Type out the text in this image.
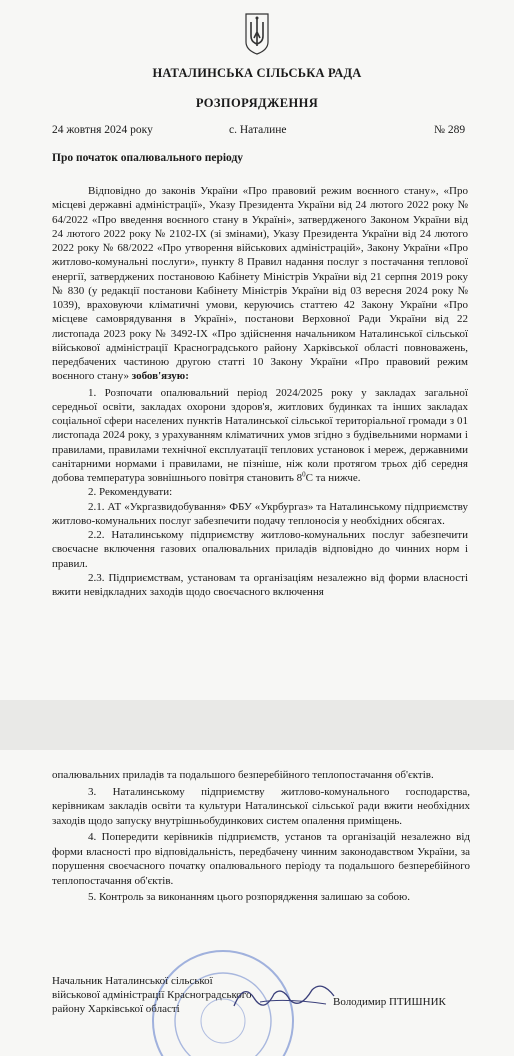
НАТАЛИНСЬКА СІЛЬСЬКА РАДА
РОЗПОРЯДЖЕННЯ
24 жовтня 2024 року	с. Наталине	№ 289
Про початок опалювального періоду

Відповідно до законів України «Про правовий режим воєнного стану», «Про місцеві державні адміністрації», Указу Президента України від 24 лютого 2022 року № 64/2022 «Про введення воєнного стану в Україні», затвердженого Законом України від 24 лютого 2022 року № 2102-IX (зі змінами), Указу Президента України від 24 лютого 2022 року № 68/2022 «Про утворення військових адміністрацій», Закону України «Про житлово-комунальні послуги», пункту 8 Правил надання послуг з постачання теплової енергії, затверджених постановою Кабінету Міністрів України від 21 серпня 2019 року № 830 (у редакції постанови Кабінету Міністрів України від 03 вересня 2024 року № 1039), враховуючи кліматичні умови, керуючись статтею 42 Закону України «Про місцеве самоврядування в Україні», постанови Верховної Ради України від 22 листопада 2023 року № 3492-IX «Про здійснення начальником Наталинської сільської військової адміністрації Красноградського району Харківської області повноважень, передбачених частиною другою статті 10 Закону України «Про правовий режим воєнного стану» зобов'язую:

1. Розпочати опалювальний період 2024/2025 року у закладах загальної середньої освіти, закладах охорони здоров'я, житлових будинках та інших закладах соціальної сфери населених пунктів Наталинської сільської територіальної громади з 01 листопада 2024 року, з урахуванням кліматичних умов згідно з будівельними нормами і правилами, правилами технічної експлуатації теплових установок і мереж, державними санітарними нормами і правилами, не пізніше, ніж коли протягом трьох діб середня добова температура зовнішнього повітря становить $8^0С$ та нижче.

2. Рекомендувати:

2.1. АТ «Укргазвидобування» ФБУ «Укрбургаз» та Наталинському підприємству житлово-комунальних послуг забезпечити подачу теплоносія у необхідних обсягах.

2.2. Наталинському підприємству житлово-комунальних послуг забезпечити своєчасне включення газових опалювальних приладів відповідно до чинних норм і правил.

2.3. Підприємствам, установам та організаціям незалежно від форми власності вжити невідкладних заходів щодо своєчасного включення

опалювальних приладів та подальшого безперебійного теплопостачання об'єктів.

3. Наталинському підприємству житлово-комунального господарства, керівникам закладів освіти та культури Наталинської сільської ради вжити необхідних заходів щодо запуску внутрішньобудинкових систем опалення приміщень.

4. Попередити керівників підприємств, установ та організацій незалежно від форми власності про відповідальність, передбачену чинним законодавством України, за порушення своєчасного початку опалювального періоду та подальшого безперебійного теплопостачання об'єктів.

5. Контроль за виконанням цього розпорядження залишаю за собою.

Начальник Наталинської сільської
військової адміністрації Красноградського
району Харківської області
Володимир ПТИШНИК
